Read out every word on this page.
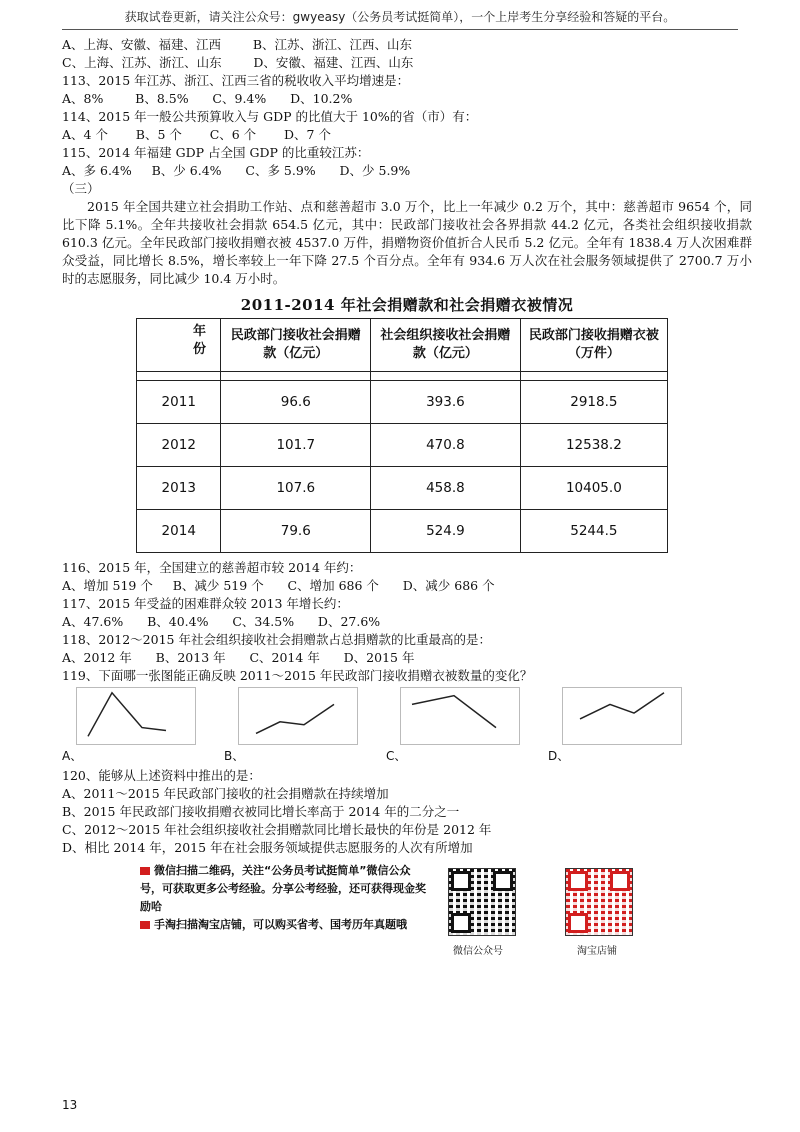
获取试卷更新，请关注公众号：gwyeasy（公务员考试挺简单），一个上岸考生分享经验和答疑的平台。
A、上海、安徽、福建、江西        B、江苏、浙江、江西、山东
C、上海、江苏、浙江、山东        D、安徽、福建、江西、山东
113、2015 年江苏、浙江、江西三省的税收收入平均增速是：
A、8%        B、8.5%      C、9.4%      D、10.2%
114、2015 年一般公共预算收入与 GDP 的比值大于 10%的省（市）有：
A、4 个       B、5 个       C、6 个       D、7 个
115、2014 年福建 GDP 占全国 GDP 的比重较江苏：
A、多 6.4%     B、少 6.4%      C、多 5.9%      D、少 5.9%
（三）
2015 年全国共建立社会捐助工作站、点和慈善超市 3.0 万个，比上一年减少 0.2 万个，其中：慈善超市 9654 个，同比下降 5.1%。全年共接收社会捐款 654.5 亿元，其中：民政部门接收社会各界捐款 44.2 亿元，各类社会组织接收捐款 610.3 亿元。全年民政部门接收捐赠衣被 4537.0 万件，捐赠物资价值折合人民币 5.2 亿元。全年有 1838.4 万人次困难群众受益，同比增长 8.5%，增长率较上一年下降 27.5 个百分点。全年有 934.6 万人次在社会服务领域提供了 2700.7 万小时的志愿服务，同比减少 10.4 万小时。
2011-2014 年社会捐赠款和社会捐赠衣被情况
年份	民政部门接收社会捐赠款（亿元）	社会组织接收社会捐赠款（亿元）	民政部门接收捐赠衣被（万件）

2011	96.6	393.6	2918.5
2012	101.7	470.8	12538.2
2013	107.6	458.8	10405.0
2014	79.6	524.9	5244.5
116、2015 年，全国建立的慈善超市较 2014 年约：
A、增加 519 个     B、减少 519 个      C、增加 686 个      D、减少 686 个
117、2015 年受益的困难群众较 2013 年增长约：
A、47.6%      B、40.4%      C、34.5%      D、27.6%
118、2012～2015 年社会组织接收社会捐赠款占总捐赠款的比重最高的是：
A、2012 年      B、2013 年      C、2014 年      D、2015 年
119、下面哪一张图能正确反映 2011～2015 年民政部门接收捐赠衣被数量的变化？
A、	B、	C、	D、
120、能够从上述资料中推出的是：
A、2011～2015 年民政部门接收的社会捐赠款在持续增加
B、2015 年民政部门接收捐赠衣被同比增长率高于 2014 年的二分之一
C、2012～2015 年社会组织接收社会捐赠款同比增长最快的年份是 2012 年
D、相比 2014 年，2015 年在社会服务领域提供志愿服务的人次有所增加
微信扫描二维码，关注“公务员考试挺简单”微信公众号，可获取更多公考经验。分享公考经验，还可获得现金奖励哈
手淘扫描淘宝店铺，可以购买省考、国考历年真题哦
微信公众号	淘宝店铺
13
